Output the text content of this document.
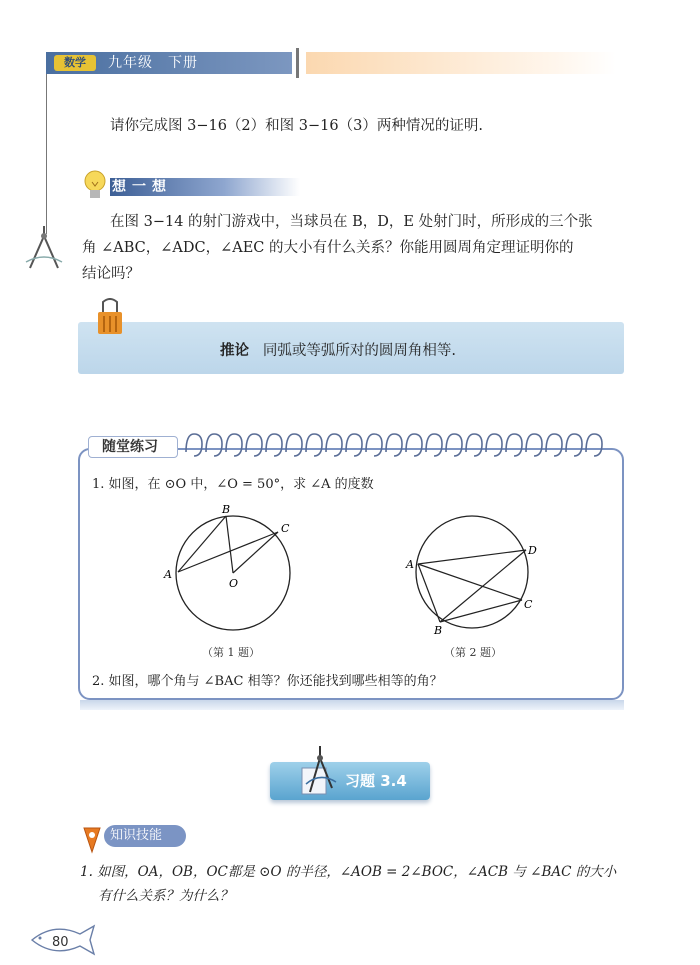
数学	九年级　下册
请你完成图 3−16（2）和图 3−16（3）两种情况的证明.
想一想
在图 3−14 的射门游戏中，当球员在 B，D，E 处射门时，所形成的三个张
角 ∠ABC，∠ADC，∠AEC 的大小有什么关系？你能用圆周角定理证明你的
结论吗？
推论 同弧或等弧所对的圆周角相等.
随堂练习
1. 如图，在 ⊙O 中，∠O = 50°，求 ∠A 的度数
A
B
C
O
（第 1 题）
A
B
C
D
（第 2 题）
2. 如图，哪个角与 ∠BAC 相等？你还能找到哪些相等的角？
习题 3.4
知识技能
1. 如图，OA，OB，OC都是 ⊙O 的半径，∠AOB = 2∠BOC，∠ACB 与 ∠BAC 的大小
有什么关系？为什么？
80
